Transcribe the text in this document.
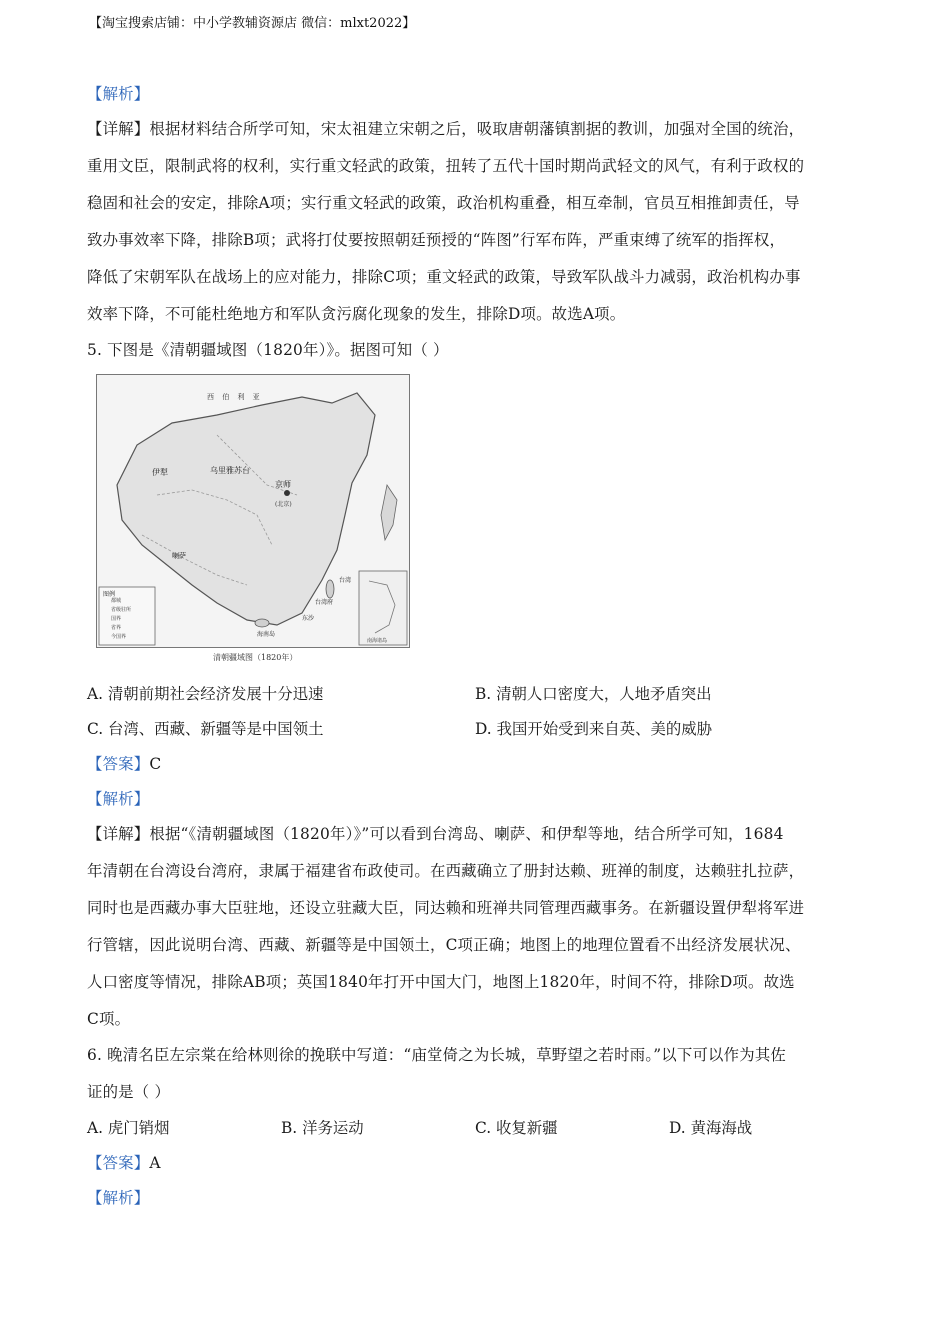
【淘宝搜索店铺：中小学教辅资源店 微信：mlxt2022】
【解析】
【详解】根据材料结合所学可知，宋太祖建立宋朝之后，吸取唐朝藩镇割据的教训，加强对全国的统治，
重用文臣，限制武将的权利，实行重文轻武的政策，扭转了五代十国时期尚武轻文的风气，有利于政权的
稳固和社会的安定，排除A项；实行重文轻武的政策，政治机构重叠，相互牵制，官员互相推卸责任，导
致办事效率下降，排除B项；武将打仗要按照朝廷预授的“阵图”行军布阵，严重束缚了统军的指挥权，
降低了宋朝军队在战场上的应对能力，排除C项；重文轻武的政策，导致军队战斗力减弱，政治机构办事
效率下降，不可能杜绝地方和军队贪污腐化现象的发生，排除D项。故选A项。
5. 下图是《清朝疆域图（1820年）》。据图可知（ ）
西 伯 利 亚
乌里雅苏台
伊犁
京师
(北京)
喇萨
台湾
台湾府
海南岛
东沙
图例
都城
省级驻所
国界
省界
今国界
南海诸岛
清朝疆域图（1820年）
A. 清朝前期社会经济发展十分迅速	B. 清朝人口密度大，人地矛盾突出
C. 台湾、西藏、新疆等是中国领土	D. 我国开始受到来自英、美的威胁
【答案】C
【解析】
【详解】根据“《清朝疆域图（1820年）》”可以看到台湾岛、喇萨、和伊犁等地，结合所学可知，1684
年清朝在台湾设台湾府，隶属于福建省布政使司。在西藏确立了册封达赖、班禅的制度，达赖驻扎拉萨，
同时也是西藏办事大臣驻地，还设立驻藏大臣，同达赖和班禅共同管理西藏事务。在新疆设置伊犁将军进
行管辖，因此说明台湾、西藏、新疆等是中国领土，C项正确；地图上的地理位置看不出经济发展状况、
人口密度等情况，排除AB项；英国1840年打开中国大门，地图上1820年，时间不符，排除D项。故选
C项。
6. 晚清名臣左宗棠在给林则徐的挽联中写道：“庙堂倚之为长城，草野望之若时雨。”以下可以作为其佐
证的是（ ）
A. 虎门销烟	B. 洋务运动	C. 收复新疆	D. 黄海海战
【答案】A
【解析】
